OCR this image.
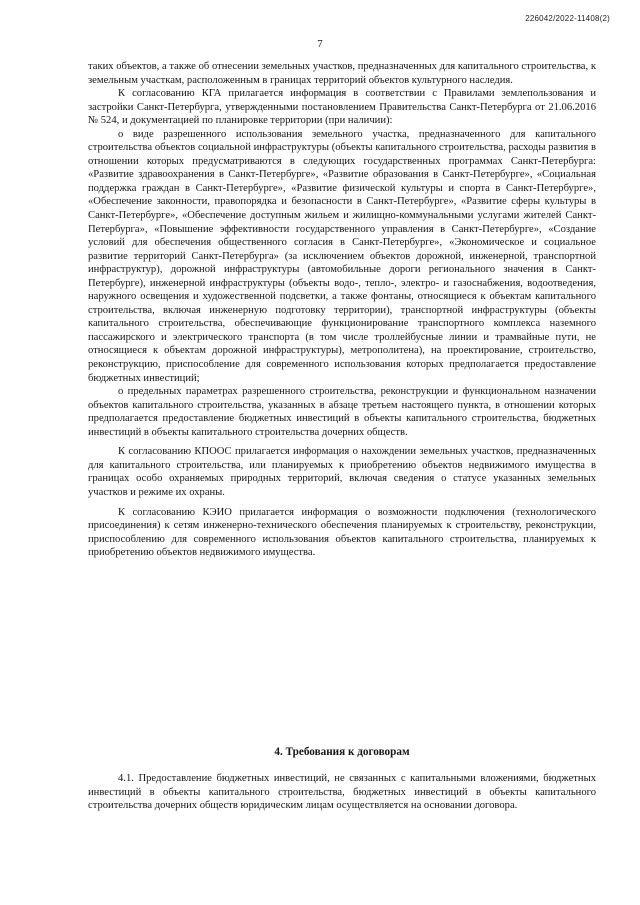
226042/2022-11408(2)
7

таких объектов, а также об отнесении земельных участков, предназначенных для капитального строительства, к земельным участкам, расположенным в границах территорий объектов культурного наследия.

К согласованию КГА прилагается информация в соответствии с Правилами землепользования и застройки Санкт-Петербурга, утвержденными постановлением Правительства Санкт-Петербурга от 21.06.2016 № 524, и документацией по планировке территории (при наличии):

о виде разрешенного использования земельного участка, предназначенного для капитального строительства объектов социальной инфраструктуры (объекты капитального строительства, расходы развития в отношении которых предусматриваются в следующих государственных программах Санкт-Петербурга: «Развитие здравоохранения в Санкт-Петербурге», «Развитие образования в Санкт-Петербурге», «Социальная поддержка граждан в Санкт-Петербурге», «Развитие физической культуры и спорта в Санкт-Петербурге», «Обеспечение законности, правопорядка и безопасности в Санкт-Петербурге», «Развитие сферы культуры в Санкт-Петербурге», «Обеспечение доступным жильем и жилищно-коммунальными услугами жителей Санкт-Петербурга», «Повышение эффективности государственного управления в Санкт-Петербурге», «Создание условий для обеспечения общественного согласия в Санкт-Петербурге», «Экономическое и социальное развитие территорий Санкт-Петербурга» (за исключением объектов дорожной, инженерной, транспортной инфраструктур), дорожной инфраструктуры (автомобильные дороги регионального значения в Санкт-Петербурге), инженерной инфраструктуры (объекты водо-, тепло-, электро- и газоснабжения, водоотведения, наружного освещения и художественной подсветки, а также фонтаны, относящиеся к объектам капитального строительства, включая инженерную подготовку территории), транспортной инфраструктуры (объекты капитального строительства, обеспечивающие функционирование транспортного комплекса наземного пассажирского и электрического транспорта (в том числе троллейбусные линии и трамвайные пути, не относящиеся к объектам дорожной инфраструктуры), метрополитена), на проектирование, строительство, реконструкцию, приспособление для современного использования которых предполагается предоставление бюджетных инвестиций;

о предельных параметрах разрешенного строительства, реконструкции и функциональном назначении объектов капитального строительства, указанных в абзаце третьем настоящего пункта, в отношении которых предполагается предоставление бюджетных инвестиций в объекты капитального строительства, бюджетных инвестиций в объекты капитального строительства дочерних обществ.

К согласованию КПООС прилагается информация о нахождении земельных участков, предназначенных для капитального строительства, или планируемых к приобретению объектов недвижимого имущества в границах особо охраняемых природных территорий, включая сведения о статусе указанных земельных участков и режиме их охраны.

К согласованию КЭИО прилагается информация о возможности подключения (технологического присоединения) к сетям инженерно-технического обеспечения планируемых к строительству, реконструкции, приспособлению для современного использования объектов капитального строительства, планируемых к приобретению объектов недвижимого имущества.

4. Требования к договорам

4.1. Предоставление бюджетных инвестиций, не связанных с капитальными вложениями, бюджетных инвестиций в объекты капитального строительства, бюджетных инвестиций в объекты капитального строительства дочерних обществ юридическим лицам осуществляется на основании договора.
